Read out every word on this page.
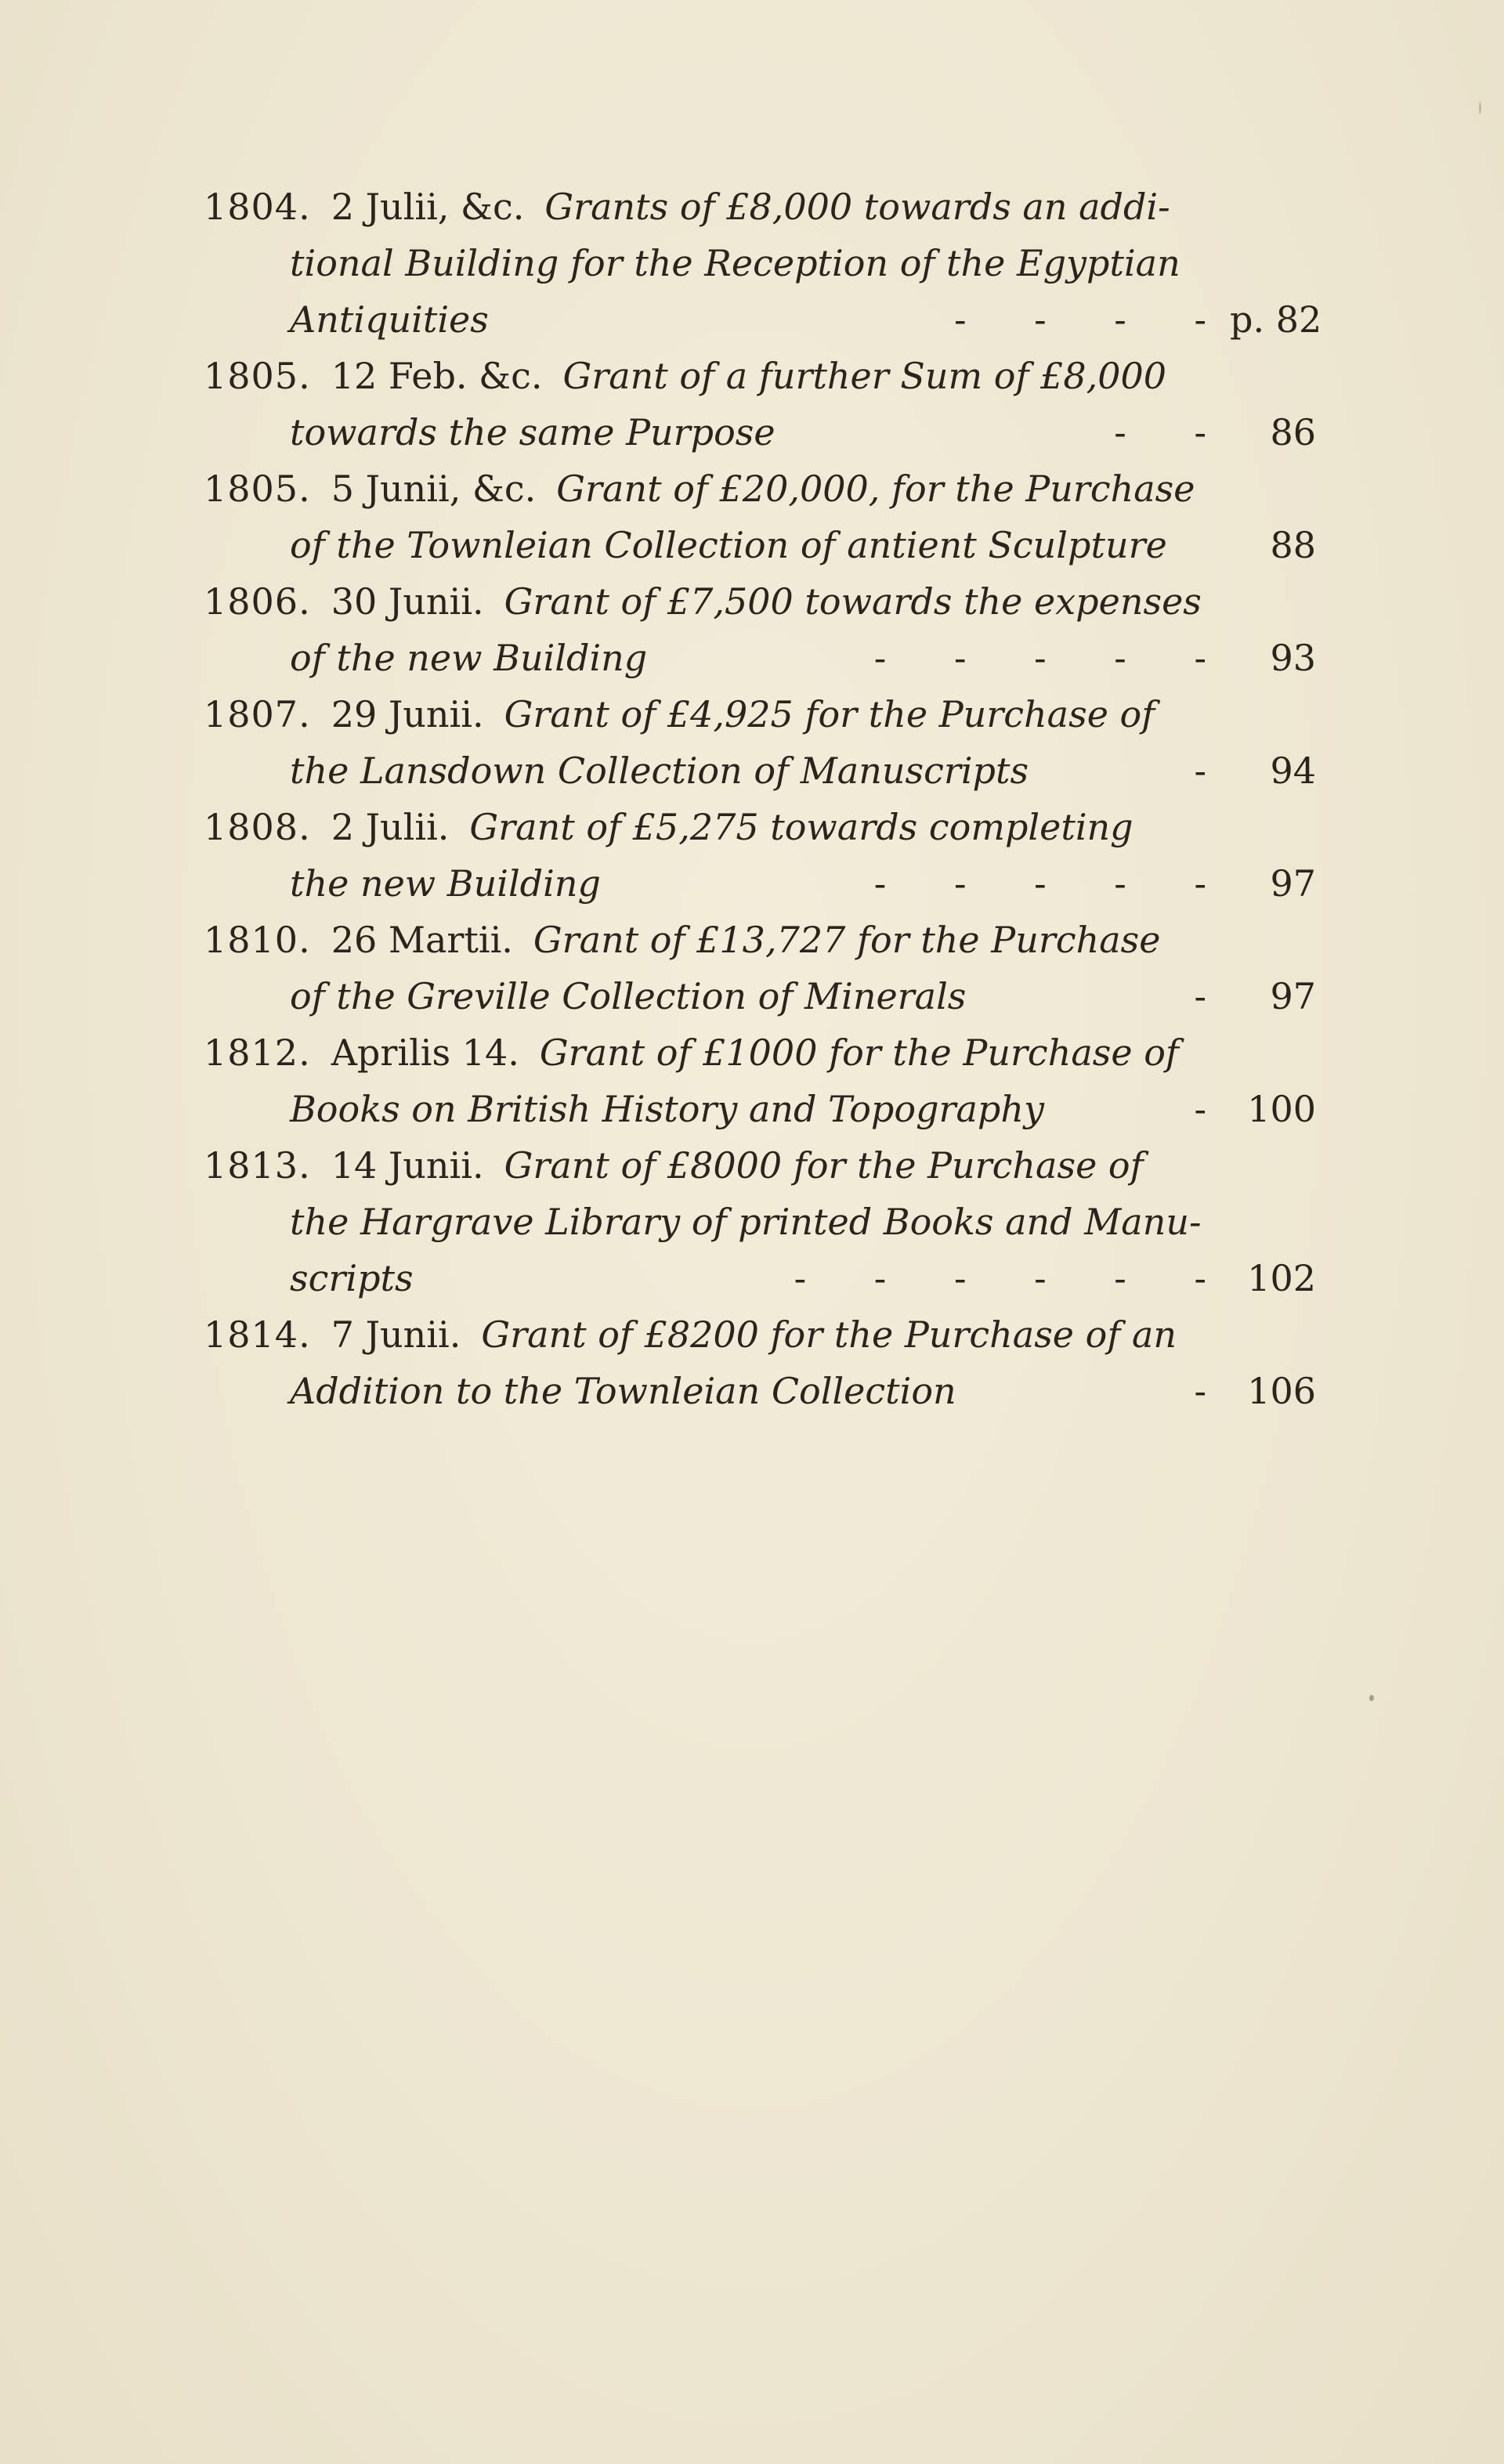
1804. 2 Julii, &c. Grants of £8,000 towards an addi-
tional Building for the Reception of the Egyptian
Antiquities	- - - - p. 82
1805. 12 Feb. &c. Grant of a further Sum of £8,000
towards the same Purpose	- -	86
1805. 5 Junii, &c. Grant of £20,000, for the Purchase
of the Townleian Collection of antient Sculpture	88
1806. 30 Junii. Grant of £7,500 towards the expenses
of the new Building	- - - - -	93
1807. 29 Junii. Grant of £4,925 for the Purchase of
the Lansdown Collection of Manuscripts	-	94
1808. 2 Julii. Grant of £5,275 towards completing
the new Building	- - - - -	97
1810. 26 Martii. Grant of £13,727 for the Purchase
of the Greville Collection of Minerals	-	97
1812. Aprilis 14. Grant of £1000 for the Purchase of
Books on British History and Topography	-	100
1813. 14 Junii. Grant of £8000 for the Purchase of
the Hargrave Library of printed Books and Manu-
scripts	- - - - - -	102
1814. 7 Junii. Grant of £8200 for the Purchase of an
Addition to the Townleian Collection	-	106
